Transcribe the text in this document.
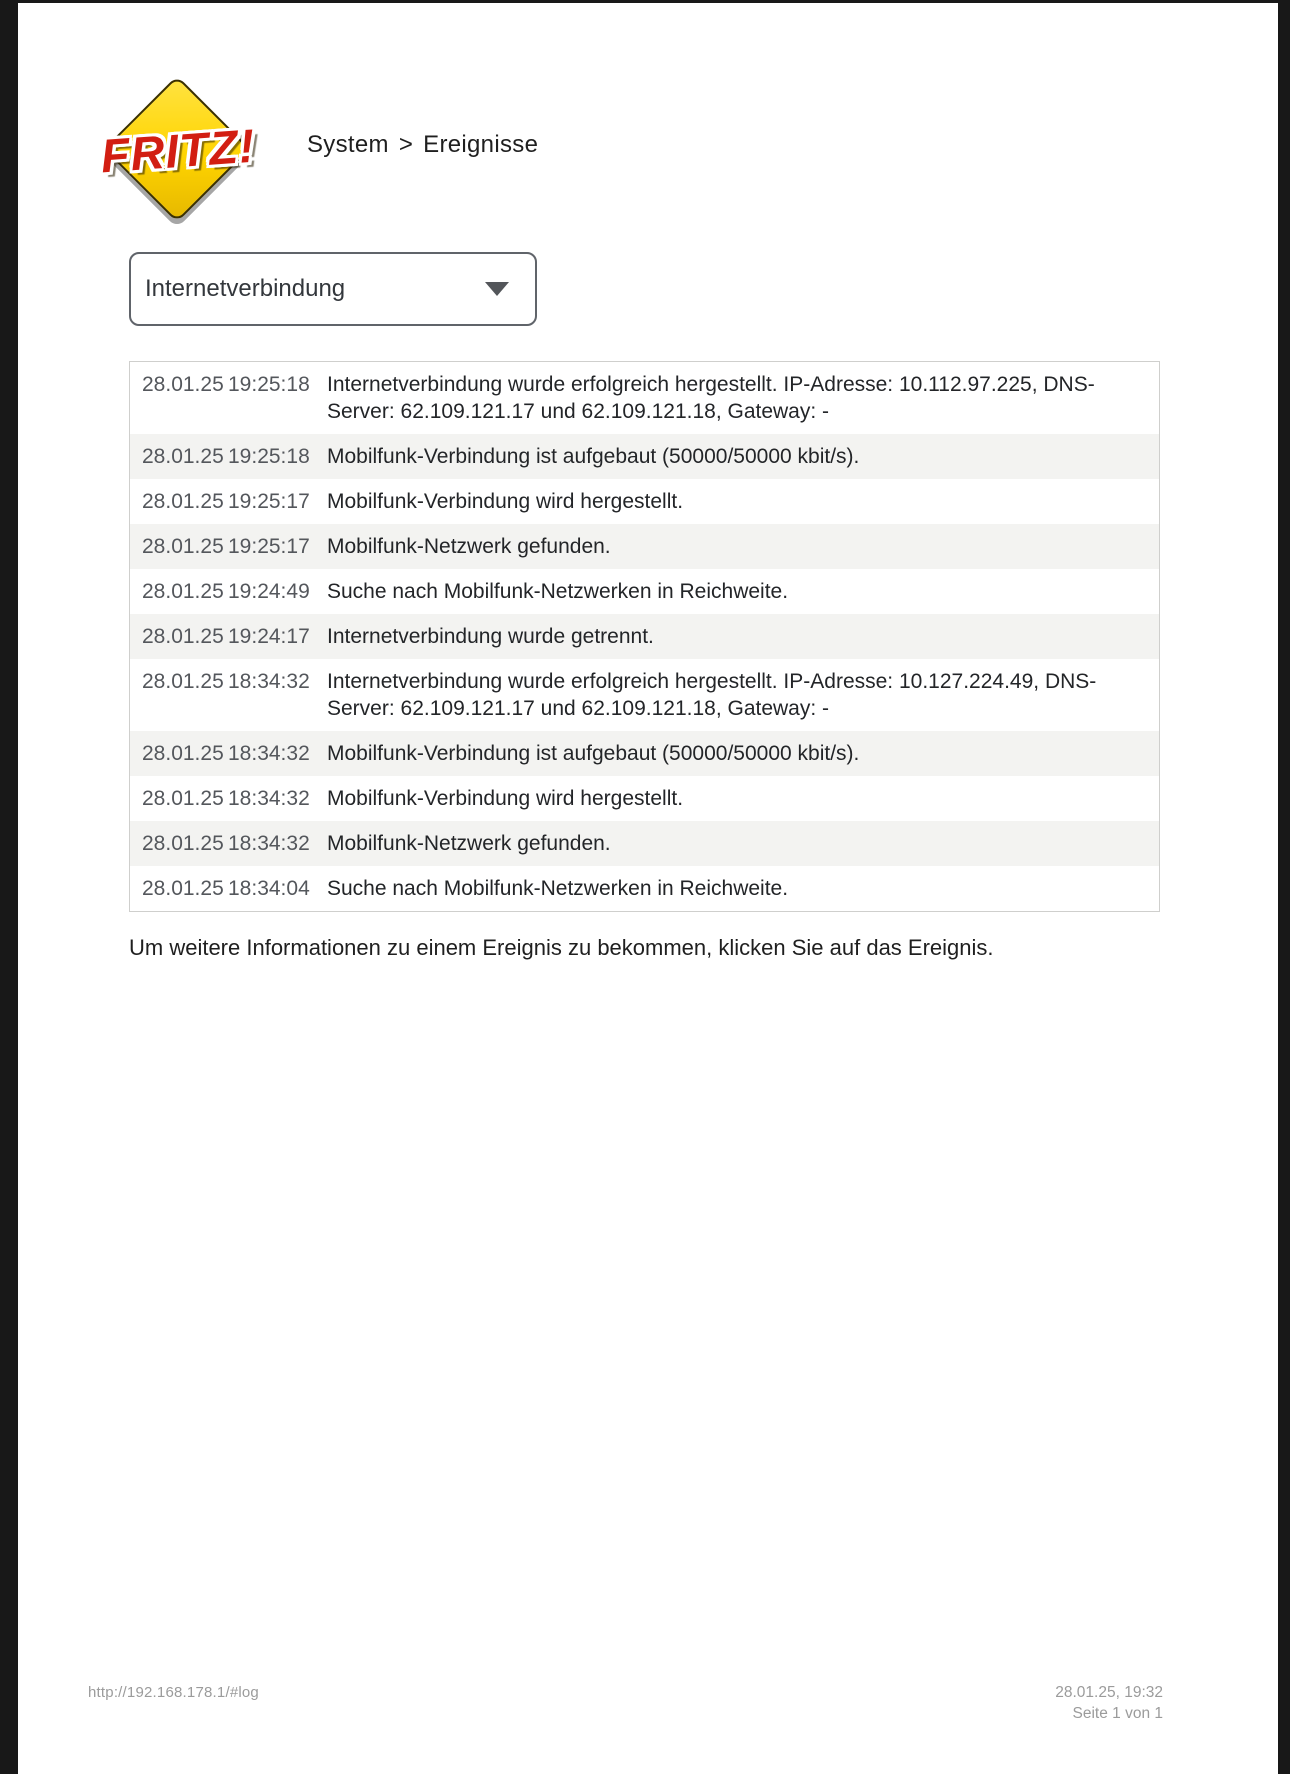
FRITZ!	System > Ereignisse
Internetverbindung
28.01.25 19:25:18 Internetverbindung wurde erfolgreich hergestellt. IP-Adresse: 10.112.97.225, DNS-Server: 62.109.121.17 und 62.109.121.18, Gateway: -
28.01.25 19:25:18 Mobilfunk-Verbindung ist aufgebaut (50000/50000 kbit/s).
28.01.25 19:25:17 Mobilfunk-Verbindung wird hergestellt.
28.01.25 19:25:17 Mobilfunk-Netzwerk gefunden.
28.01.25 19:24:49 Suche nach Mobilfunk-Netzwerken in Reichweite.
28.01.25 19:24:17 Internetverbindung wurde getrennt.
28.01.25 18:34:32 Internetverbindung wurde erfolgreich hergestellt. IP-Adresse: 10.127.224.49, DNS-Server: 62.109.121.17 und 62.109.121.18, Gateway: -
28.01.25 18:34:32 Mobilfunk-Verbindung ist aufgebaut (50000/50000 kbit/s).
28.01.25 18:34:32 Mobilfunk-Verbindung wird hergestellt.
28.01.25 18:34:32 Mobilfunk-Netzwerk gefunden.
28.01.25 18:34:04 Suche nach Mobilfunk-Netzwerken in Reichweite.
Um weitere Informationen zu einem Ereignis zu bekommen, klicken Sie auf das Ereignis.
http://192.168.178.1/#log	28.01.25, 19:32
Seite 1 von 1
